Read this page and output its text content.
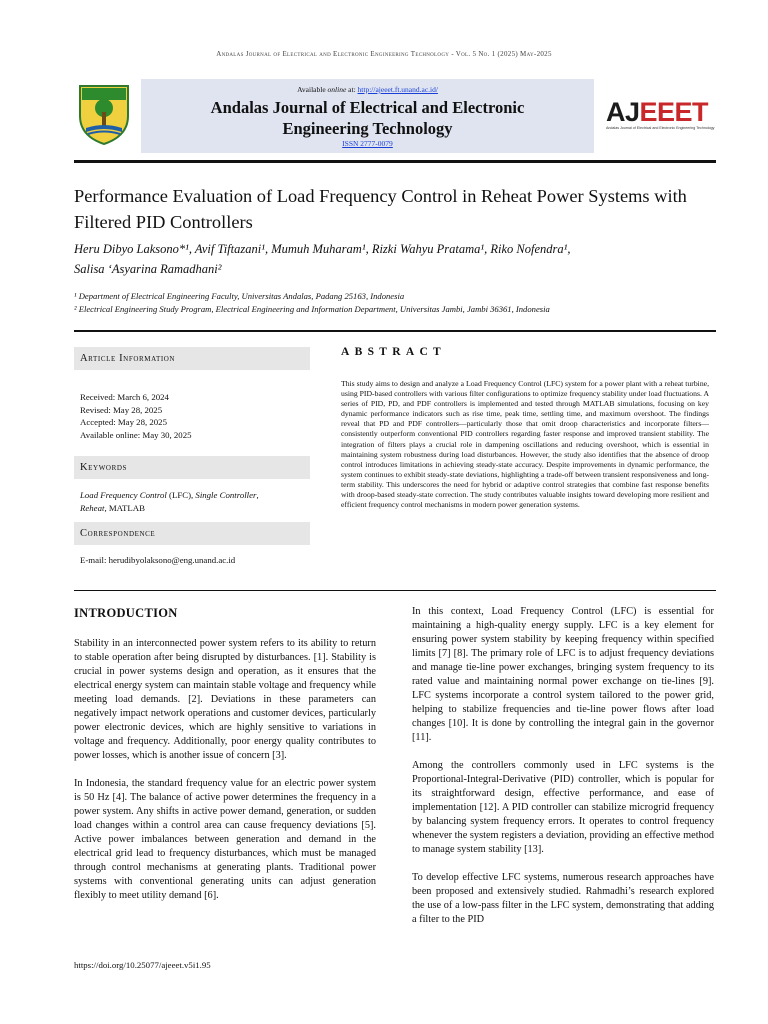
Andalas Journal of Electrical and Electronic Engineering Technology - Vol. 5 No. 1 (2025) May-2025
Available online at: http://ajeeet.ft.unand.ac.id/
Andalas Journal of Electrical and Electronic
Engineering Technology
ISSN 2777-0079
AJEEET
Andalas Journal of Electrical and Electronic Engineering Technology
Performance Evaluation of Load Frequency Control in Reheat Power Systems with Filtered PID Controllers
Heru Dibyo Laksono*¹, Avif Tiftazani¹, Mumuh Muharam¹, Rizki Wahyu Pratama¹, Riko Nofendra¹,
Salisa ‘Asyarina Ramadhani²
¹ Department of Electrical Engineering Faculty, Universitas Andalas, Padang 25163, Indonesia
² Electrical Engineering Study Program, Electrical Engineering and Information Department, Universitas Jambi, Jambi 36361, Indonesia
Article Information
Received: March 6, 2024
Revised: May 28, 2025
Accepted: May 28, 2025
Available online: May 30, 2025
Keywords
Load Frequency Control (LFC), Single Controller,
Reheat, MATLAB
Correspondence
E-mail: herudibyolaksono@eng.unand.ac.id
ABSTRACT
This study aims to design and analyze a Load Frequency Control (LFC) system for a power plant with a reheat turbine, using PID-based controllers with various filter configurations to optimize frequency stability under load fluctuations. A series of PID, PD, and PDF controllers is implemented and tested through MATLAB simulations, focusing on key dynamic performance indicators such as rise time, peak time, settling time, and maximum overshoot. The findings reveal that PD and PDF controllers—particularly those that omit droop characteristics and incorporate filters—consistently outperform conventional PID controllers regarding faster response and improved transient stability. The integration of filters plays a crucial role in dampening oscillations and reducing overshoot, which is essential in maintaining system robustness during load disturbances. However, the study also identifies that the absence of droop control introduces limitations in achieving steady-state accuracy. Despite improvements in dynamic performance, the system continues to exhibit steady-state deviations, highlighting a trade-off between transient responsiveness and long-term stability. This underscores the need for hybrid or adaptive control strategies that combine fast response benefits with droop-based steady-state correction. The study contributes valuable insights toward developing more resilient and efficient frequency control mechanisms in modern power generation systems.
INTRODUCTION

Stability in an interconnected power system refers to its ability to return to stable operation after being disrupted by disturbances. [1]. Stability is crucial in power systems design and operation, as it ensures that the electrical energy system can maintain stable voltage and frequency while meeting load demands. [2]. Deviations in these parameters can negatively impact network operations and customer devices, particularly power electronic devices, which are highly sensitive to variations in voltage and frequency. Additionally, poor energy quality contributes to power losses, which is another issue of concern [3].

In Indonesia, the standard frequency value for an electric power system is 50 Hz [4]. The balance of active power determines the frequency in a power system. Any shifts in active power demand, generation, or sudden load changes within a control area can cause frequency deviations [5]. Active power imbalances between generation and demand in the electrical grid lead to frequency disturbances, which must be managed through control mechanisms at generating plants. Traditional power systems with conventional generating units can adjust generation flexibly to meet utility demand [6].

In this context, Load Frequency Control (LFC) is essential for maintaining a high-quality energy supply. LFC is a key element for ensuring power system stability by keeping frequency within specified limits [7] [8]. The primary role of LFC is to adjust frequency deviations and manage tie-line power exchanges, bringing system frequency to its rated value and maintaining normal power exchange on tie-lines [9]. LFC systems incorporate a control system tailored to the power grid, helping to stabilize frequencies and tie-line power flows after load changes [10]. It is done by controlling the integral gain in the governor [11].

Among the controllers commonly used in LFC systems is the Proportional-Integral-Derivative (PID) controller, which is popular for its straightforward design, effective performance, and ease of implementation [12]. A PID controller can stabilize microgrid frequency by balancing system frequency errors. It operates to control frequency whenever the system registers a deviation, providing an effective method to manage system stability [13].

To develop effective LFC systems, numerous research approaches have been proposed and extensively studied. Rahmadhi’s research explored the use of a low-pass filter in the LFC system, demonstrating that adding a filter to the PID

https://doi.org/10.25077/ajeeet.v5i1.95
